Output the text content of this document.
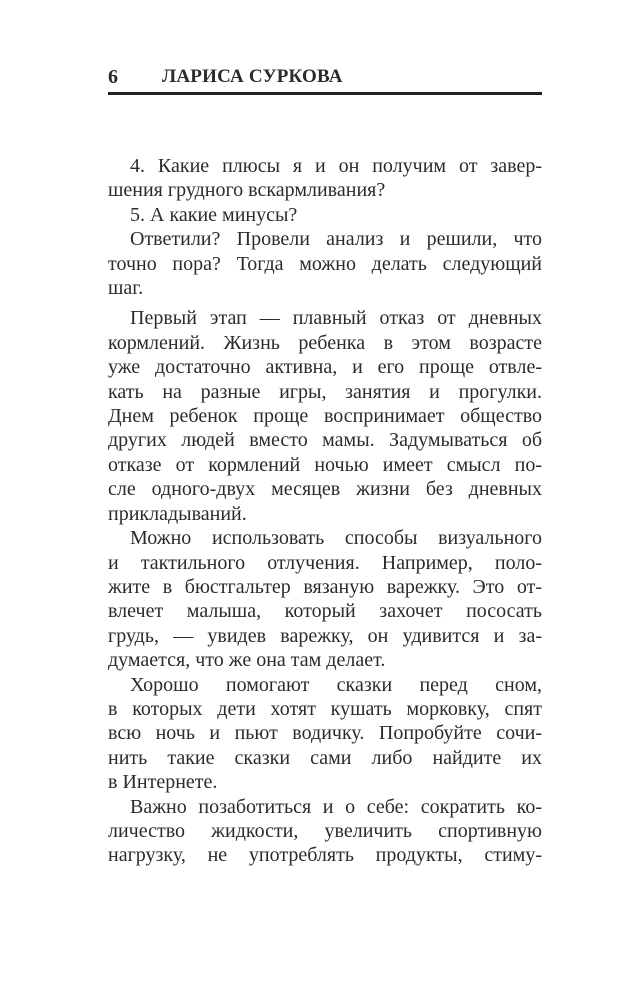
6 ЛАРИСА СУРКОВА
4. Какие плюсы я и он получим от завер-
шения грудного вскармливания?
5. А какие минусы?
Ответили? Провели анализ и решили, что
точно пора? Тогда можно делать следующий
шаг.
Первый этап — плавный отказ от дневных
кормлений. Жизнь ребенка в этом возрасте
уже достаточно активна, и его проще отвле-
кать на разные игры, занятия и прогулки.
Днем ребенок проще воспринимает общество
других людей вместо мамы. Задумываться об
отказе от кормлений ночью имеет смысл по-
сле одного-двух месяцев жизни без дневных
прикладываний.
Можно использовать способы визуального
и тактильного отлучения. Например, поло-
жите в бюстгальтер вязаную варежку. Это от-
влечет малыша, который захочет пососать
грудь, — увидев варежку, он удивится и за-
думается, что же она там делает.
Хорошо помогают сказки перед сном,
в которых дети хотят кушать морковку, спят
всю ночь и пьют водичку. Попробуйте сочи-
нить такие сказки сами либо найдите их
в Интернете.
Важно позаботиться и о себе: сократить ко-
личество жидкости, увеличить спортивную
нагрузку, не употреблять продукты, стиму-
